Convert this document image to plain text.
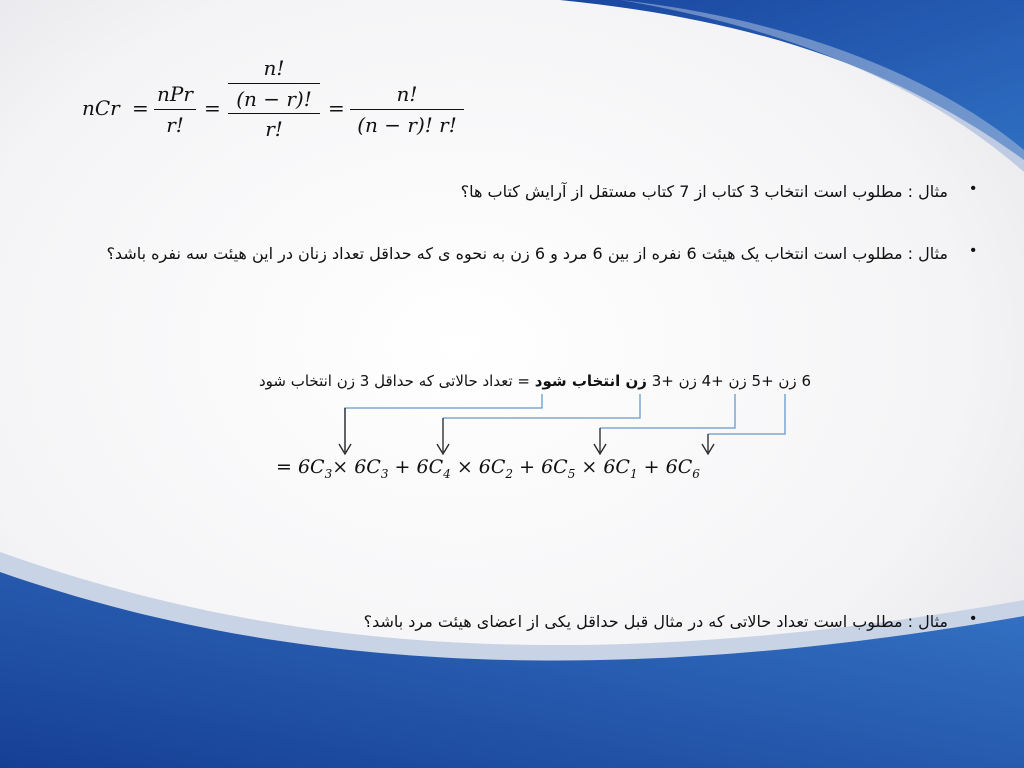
nCr =
nPr
r!
=
n!
(n − r)!
r!
=
n!
(n − r)! r!
•
مثال : مطلوب است انتخاب 3 کتاب از 7 کتاب مستقل از آرایش کتاب ها؟
•
مثال : مطلوب است انتخاب یک هیئت 6 نفره از بین 6 مرد و 6 زن به نحوه ی که حداقل تعداد زنان در این هیئت سه نفره باشد؟
•
مثال : مطلوب است تعداد حالاتی که در مثال قبل حداقل یکی از اعضای هیئت مرد باشد؟
6 زن +5 زن +4 زن +3 زن انتخاب شود = تعداد حالاتی که حداقل 3 زن انتخاب شود
= $6C_3\times 6C_3 + 6C_4 \times 6C_2 + 6C_5 \times 6C_1 + 6C_6$
